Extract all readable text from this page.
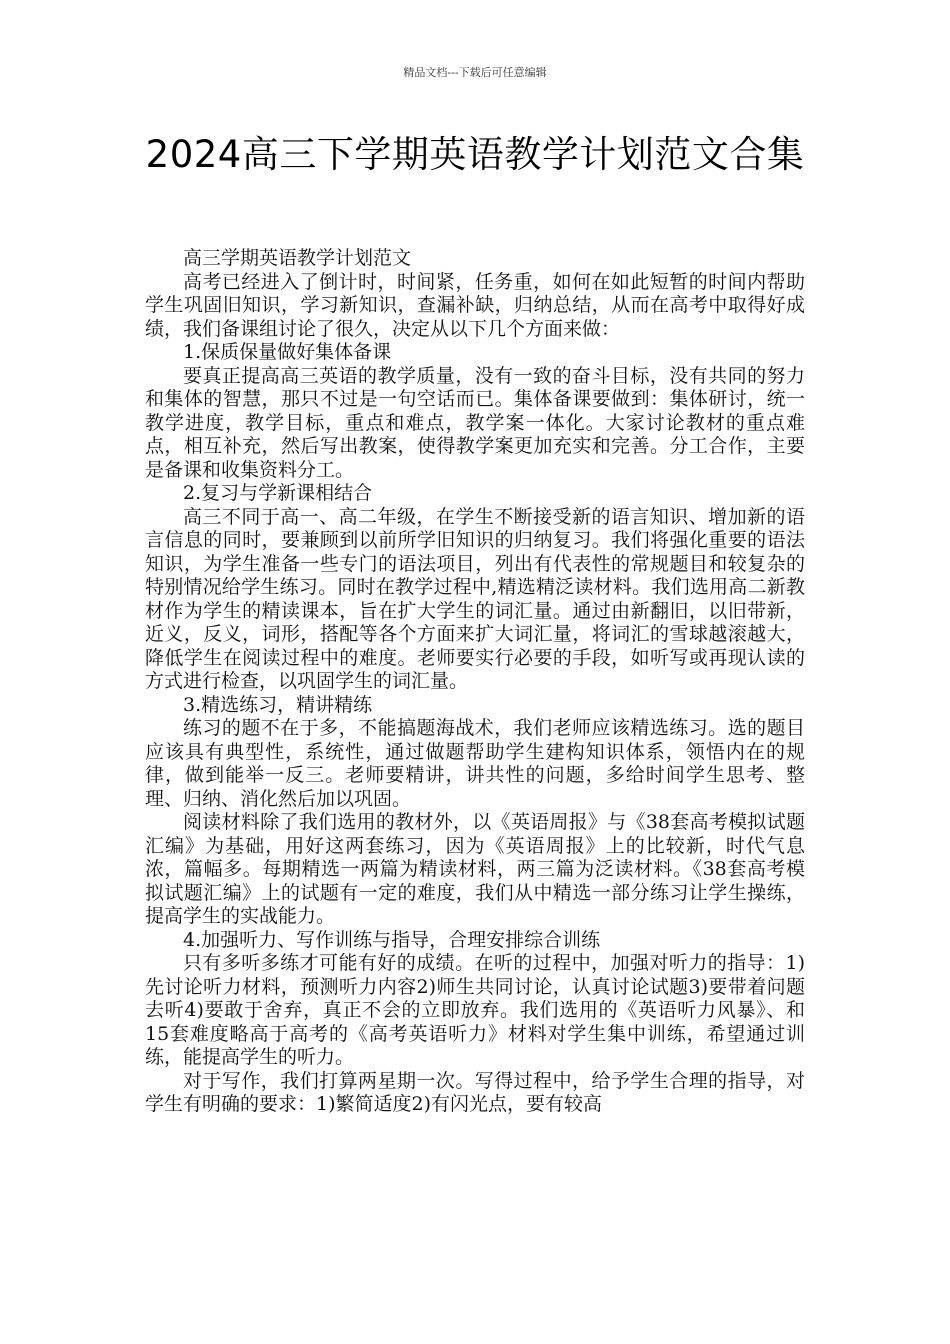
精品文档---下载后可任意编辑
2024高三下学期英语教学计划范文合集

高三学期英语教学计划范文

高考已经进入了倒计时，时间紧，任务重，如何在如此短暂的时间内帮助学生巩固旧知识，学习新知识，查漏补缺，归纳总结，从而在高考中取得好成绩，我们备课组讨论了很久，决定从以下几个方面来做：

1.保质保量做好集体备课

要真正提高高三英语的教学质量，没有一致的奋斗目标，没有共同的努力和集体的智慧，那只不过是一句空话而已。集体备课要做到：集体研讨，统一教学进度，教学目标，重点和难点，教学案一体化。大家讨论教材的重点难点，相互补充，然后写出教案，使得教学案更加充实和完善。分工合作，主要是备课和收集资料分工。

2.复习与学新课相结合

高三不同于高一、高二年级，在学生不断接受新的语言知识、增加新的语言信息的同时，要兼顾到以前所学旧知识的归纳复习。我们将强化重要的语法知识，为学生准备一些专门的语法项目，列出有代表性的常规题目和较复杂的特别情况给学生练习。同时在教学过程中,精选精泛读材料。我们选用高二新教材作为学生的精读课本，旨在扩大学生的词汇量。通过由新翻旧，以旧带新，近义，反义，词形，搭配等各个方面来扩大词汇量，将词汇的雪球越滚越大，降低学生在阅读过程中的难度。老师要实行必要的手段，如听写或再现认读的方式进行检查，以巩固学生的词汇量。

3.精选练习，精讲精练

练习的题不在于多，不能搞题海战术，我们老师应该精选练习。选的题目应该具有典型性，系统性，通过做题帮助学生建构知识体系，领悟内在的规律，做到能举一反三。老师要精讲，讲共性的问题，多给时间学生思考、整理、归纳、消化然后加以巩固。

阅读材料除了我们选用的教材外，以《英语周报》与《38套高考模拟试题汇编》为基础，用好这两套练习，因为《英语周报》上的比较新，时代气息浓，篇幅多。每期精选一两篇为精读材料，两三篇为泛读材料。《38套高考模拟试题汇编》上的试题有一定的难度，我们从中精选一部分练习让学生操练，提高学生的实战能力。

4.加强听力、写作训练与指导，合理安排综合训练

只有多听多练才可能有好的成绩。在听的过程中，加强对听力的指导：1)先讨论听力材料，预测听力内容2)师生共同讨论，认真讨论试题3)要带着问题去听4)要敢于舍弃，真正不会的立即放弃。我们选用的《英语听力风暴》、和15套难度略高于高考的《高考英语听力》材料对学生集中训练，希望通过训练，能提高学生的听力。

对于写作，我们打算两星期一次。写得过程中，给予学生合理的指导，对学生有明确的要求：1)繁简适度2)有闪光点，要有较高
